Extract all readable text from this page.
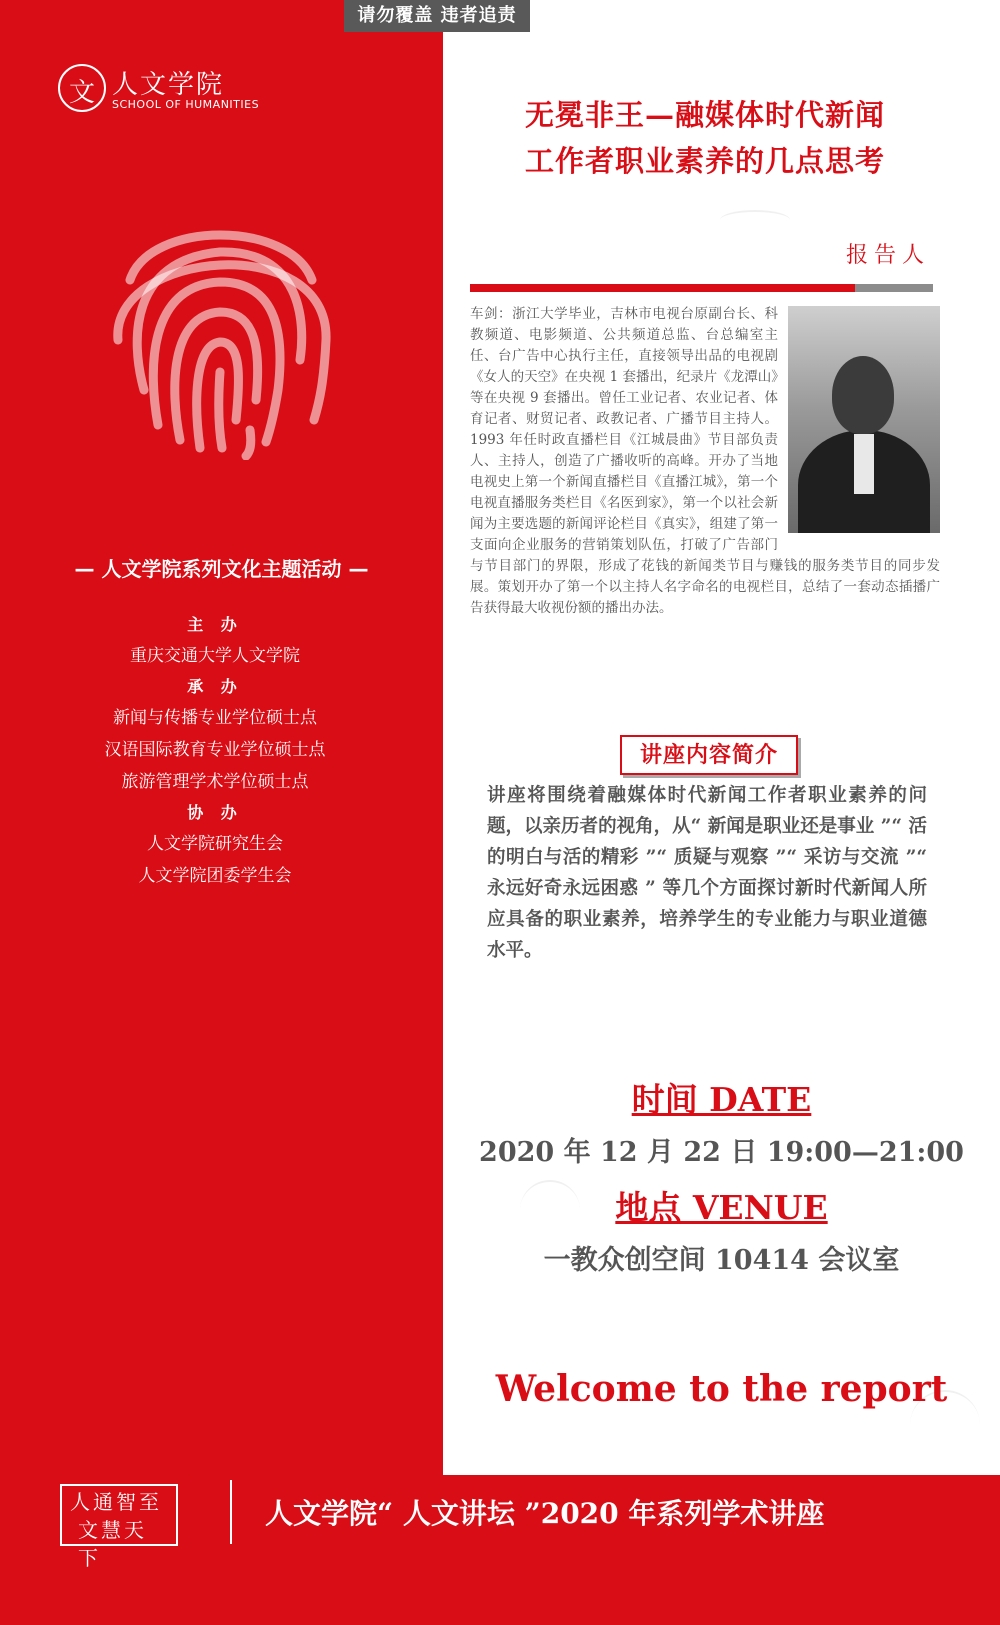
请勿覆盖 违者追责
文
人文学院
SCHOOL OF HUMANITIES
— 人文学院系列文化主题活动 —
主 办
重庆交通大学人文学院
承 办
新闻与传播专业学位硕士点
汉语国际教育专业学位硕士点
旅游管理学术学位硕士点
协 办
人文学院研究生会
人文学院团委学生会
无冕非王—融媒体时代新闻
工作者职业素养的几点思考
报告人
车剑：浙江大学毕业，吉林市电视台原副台长、科教频道、电影频道、公共频道总监、台总编室主任、台广告中心执行主任，直接领导出品的电视剧《女人的天空》在央视 1 套播出，纪录片《龙潭山》等在央视 9 套播出。曾任工业记者、农业记者、体育记者、财贸记者、政教记者、广播节目主持人。1993 年任时政直播栏目《江城晨曲》节目部负责人、主持人，创造了广播收听的高峰。开办了当地电视史上第一个新闻直播栏目《直播江城》，第一个电视直播服务类栏目《名医到家》，第一个以社会新闻为主要选题的新闻评论栏目《真实》，组建了第一支面向企业服务的营销策划队伍，打破了广告部门与节目部门的界限，形成了花钱的新闻类节目与赚钱的服务类节目的同步发展。策划开办了第一个以主持人名字命名的电视栏目，总结了一套动态插播广告获得最大收视份额的播出办法。
讲座内容简介
讲座将围绕着融媒体时代新闻工作者职业素养的问题，以亲历者的视角，从“ 新闻是职业还是事业 ”“ 活的明白与活的精彩 ”“ 质疑与观察 ”“ 采访与交流 ”“ 永远好奇永远困惑 ” 等几个方面探讨新时代新闻人所应具备的职业素养，培养学生的专业能力与职业道德水平。
时间 DATE
2020 年 12 月 22 日 19:00—21:00
地点 VENUE
一教众创空间 10414 会议室
Welcome to the report
人通智至
文慧天下
人文学院“ 人文讲坛 ”2020 年系列学术讲座
